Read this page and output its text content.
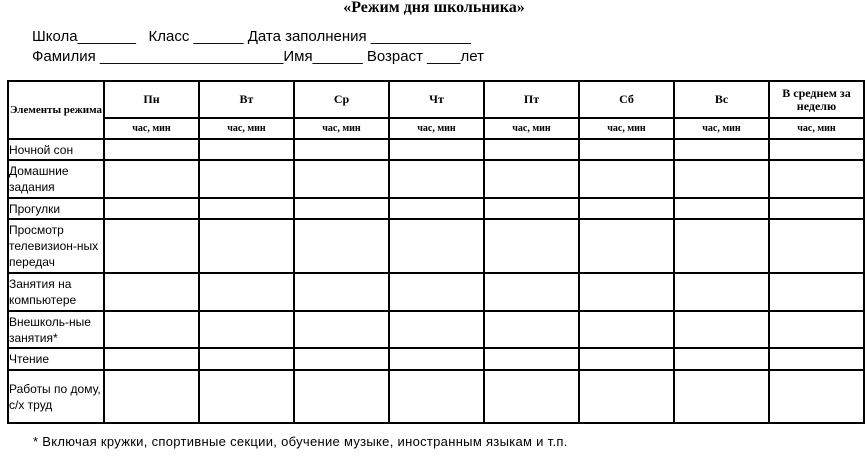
«Режим дня школьника»
Школа_______   Класс ______ Дата заполнения ____________
Фамилия ______________________Имя______ Возраст ____лет
Элементы режима	Пн	Вт	Ср	Чт	Пт	Сб	Вс	В среднем за неделю
	час, мин	час, мин	час, мин	час, мин	час, мин	час, мин	час, мин	час, мин
Ночной сон								
Домашние задания								
Прогулки								
Просмотр телевизион-ных передач								
Занятия на компьютере								
Внешколь-ные занятия*								
Чтение								
Работы по дому, с/х труд								
* Включая кружки, спортивные секции, обучение музыке, иностранным языкам и т.п.
